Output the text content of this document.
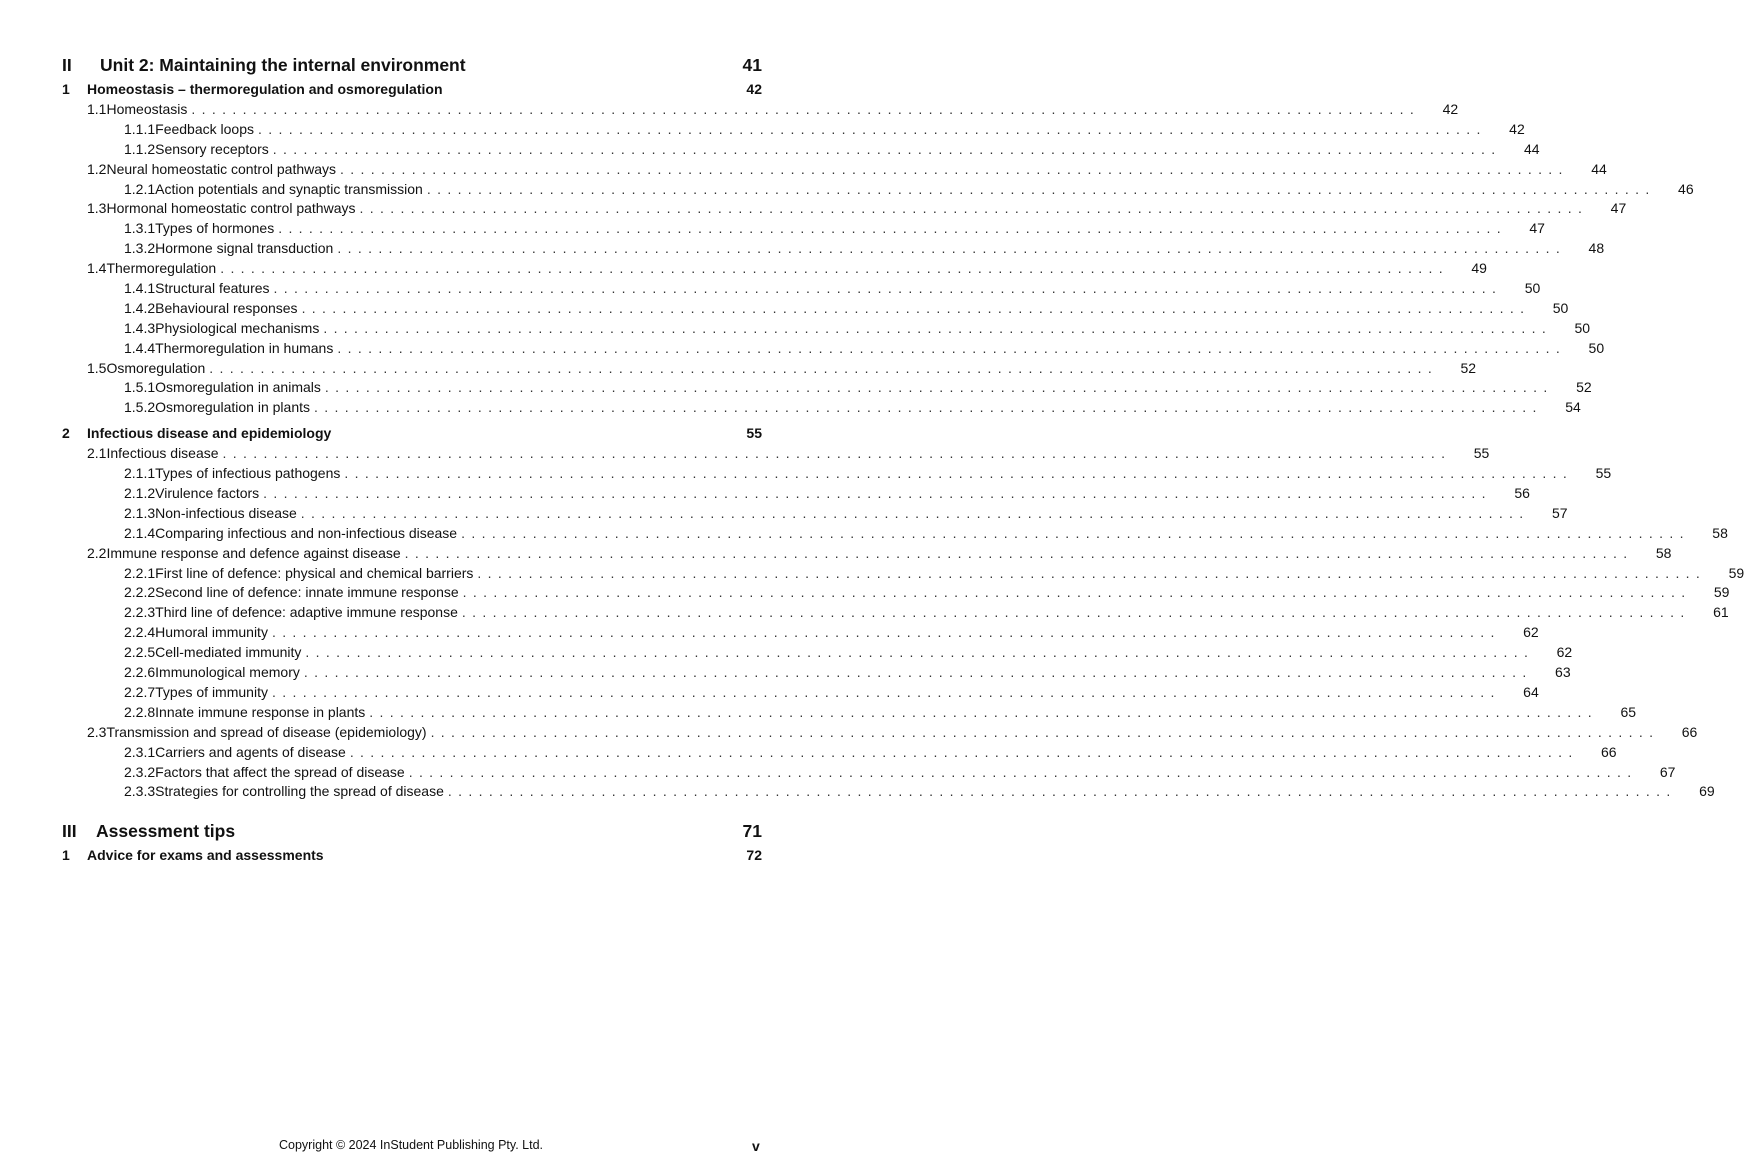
II	Unit 2: Maintaining the internal environment	41
1	Homeostasis – thermoregulation and osmoregulation	42
1.1 Homeostasis ........................................................................................................................	42
1.1.1 Feedback loops ........................................................................................................................	42
1.1.2 Sensory receptors ........................................................................................................................	44
1.2 Neural homeostatic control pathways ........................................................................................................................	44
1.2.1 Action potentials and synaptic transmission ........................................................................................................................	46
1.3 Hormonal homeostatic control pathways ........................................................................................................................	47
1.3.1 Types of hormones ........................................................................................................................	47
1.3.2 Hormone signal transduction ........................................................................................................................	48
1.4 Thermoregulation ........................................................................................................................	49
1.4.1 Structural features ........................................................................................................................	50
1.4.2 Behavioural responses ........................................................................................................................	50
1.4.3 Physiological mechanisms ........................................................................................................................	50
1.4.4 Thermoregulation in humans ........................................................................................................................	50
1.5 Osmoregulation ........................................................................................................................	52
1.5.1 Osmoregulation in animals ........................................................................................................................	52
1.5.2 Osmoregulation in plants ........................................................................................................................	54
2	Infectious disease and epidemiology	55
2.1 Infectious disease ........................................................................................................................	55
2.1.1 Types of infectious pathogens ........................................................................................................................	55
2.1.2 Virulence factors ........................................................................................................................	56
2.1.3 Non-infectious disease ........................................................................................................................	57
2.1.4 Comparing infectious and non-infectious disease ........................................................................................................................	58
2.2 Immune response and defence against disease ........................................................................................................................	58
2.2.1 First line of defence: physical and chemical barriers ........................................................................................................................	59
2.2.2 Second line of defence: innate immune response ........................................................................................................................	59
2.2.3 Third line of defence: adaptive immune response ........................................................................................................................	61
2.2.4 Humoral immunity ........................................................................................................................	62
2.2.5 Cell-mediated immunity ........................................................................................................................	62
2.2.6 Immunological memory ........................................................................................................................	63
2.2.7 Types of immunity ........................................................................................................................	64
2.2.8 Innate immune response in plants ........................................................................................................................	65
2.3 Transmission and spread of disease (epidemiology) ........................................................................................................................	66
2.3.1 Carriers and agents of disease ........................................................................................................................	66
2.3.2 Factors that affect the spread of disease ........................................................................................................................	67
2.3.3 Strategies for controlling the spread of disease ........................................................................................................................	69
III	Assessment tips	71
1	Advice for exams and assessments	72
Copyright © 2024 InStudent Publishing Pty. Ltd.	v
